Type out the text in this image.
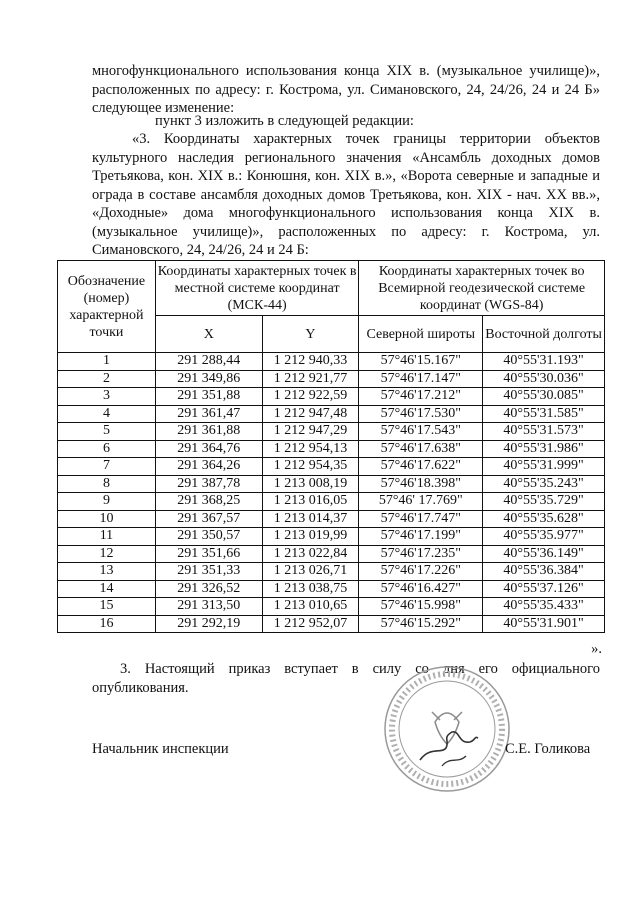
многофункционального использования конца XIX в. (музыкальное училище)», расположенных по адресу: г. Кострома, ул. Симановского, 24, 24/26, 24 и 24 Б» следующее изменение:
пункт 3 изложить в следующей редакции:
«3. Координаты характерных точек границы территории объектов культурного наследия регионального значения «Ансамбль доходных домов Третьякова, кон. XIX в.: Конюшня, кон. XIX в.», «Ворота северные и западные и ограда в составе ансамбля доходных домов Третьякова, кон. XIX - нач. XX вв.», «Доходные» дома многофункционального использования конца XIX в. (музыкальное училище)», расположенных по адресу: г. Кострома, ул. Симановского, 24, 24/26, 24 и 24 Б:
Обозначение (номер) характерной точки	Координаты характерных точек в местной системе координат (МСК-44)		Координаты характерных точек во Всемирной геодезической системе координат (WGS-84)	
	X	Y	Северной широты	Восточной долготы
1	291 288,44	1 212 940,33	57°46'15.167"	40°55'31.193"
2	291 349,86	1 212 921,77	57°46'17.147"	40°55'30.036"
3	291 351,88	1 212 922,59	57°46'17.212"	40°55'30.085"
4	291 361,47	1 212 947,48	57°46'17.530"	40°55'31.585"
5	291 361,88	1 212 947,29	57°46'17.543"	40°55'31.573"
6	291 364,76	1 212 954,13	57°46'17.638"	40°55'31.986"
7	291 364,26	1 212 954,35	57°46'17.622"	40°55'31.999"
8	291 387,78	1 213 008,19	57°46'18.398"	40°55'35.243"
9	291 368,25	1 213 016,05	57°46' 17.769"	40°55'35.729"
10	291 367,57	1 213 014,37	57°46'17.747"	40°55'35.628"
11	291 350,57	1 213 019,99	57°46'17.199"	40°55'35.977"
12	291 351,66	1 213 022,84	57°46'17.235"	40°55'36.149"
13	291 351,33	1 213 026,71	57°46'17.226"	40°55'36.384"
14	291 326,52	1 213 038,75	57°46'16.427"	40°55'37.126"
15	291 313,50	1 213 010,65	57°46'15.998"	40°55'35.433"
16	291 292,19	1 212 952,07	57°46'15.292"	40°55'31.901"
».
3. Настоящий приказ вступает в силу со дня его официального опубликования.
Начальник инспекции	С.Е. Голикова
